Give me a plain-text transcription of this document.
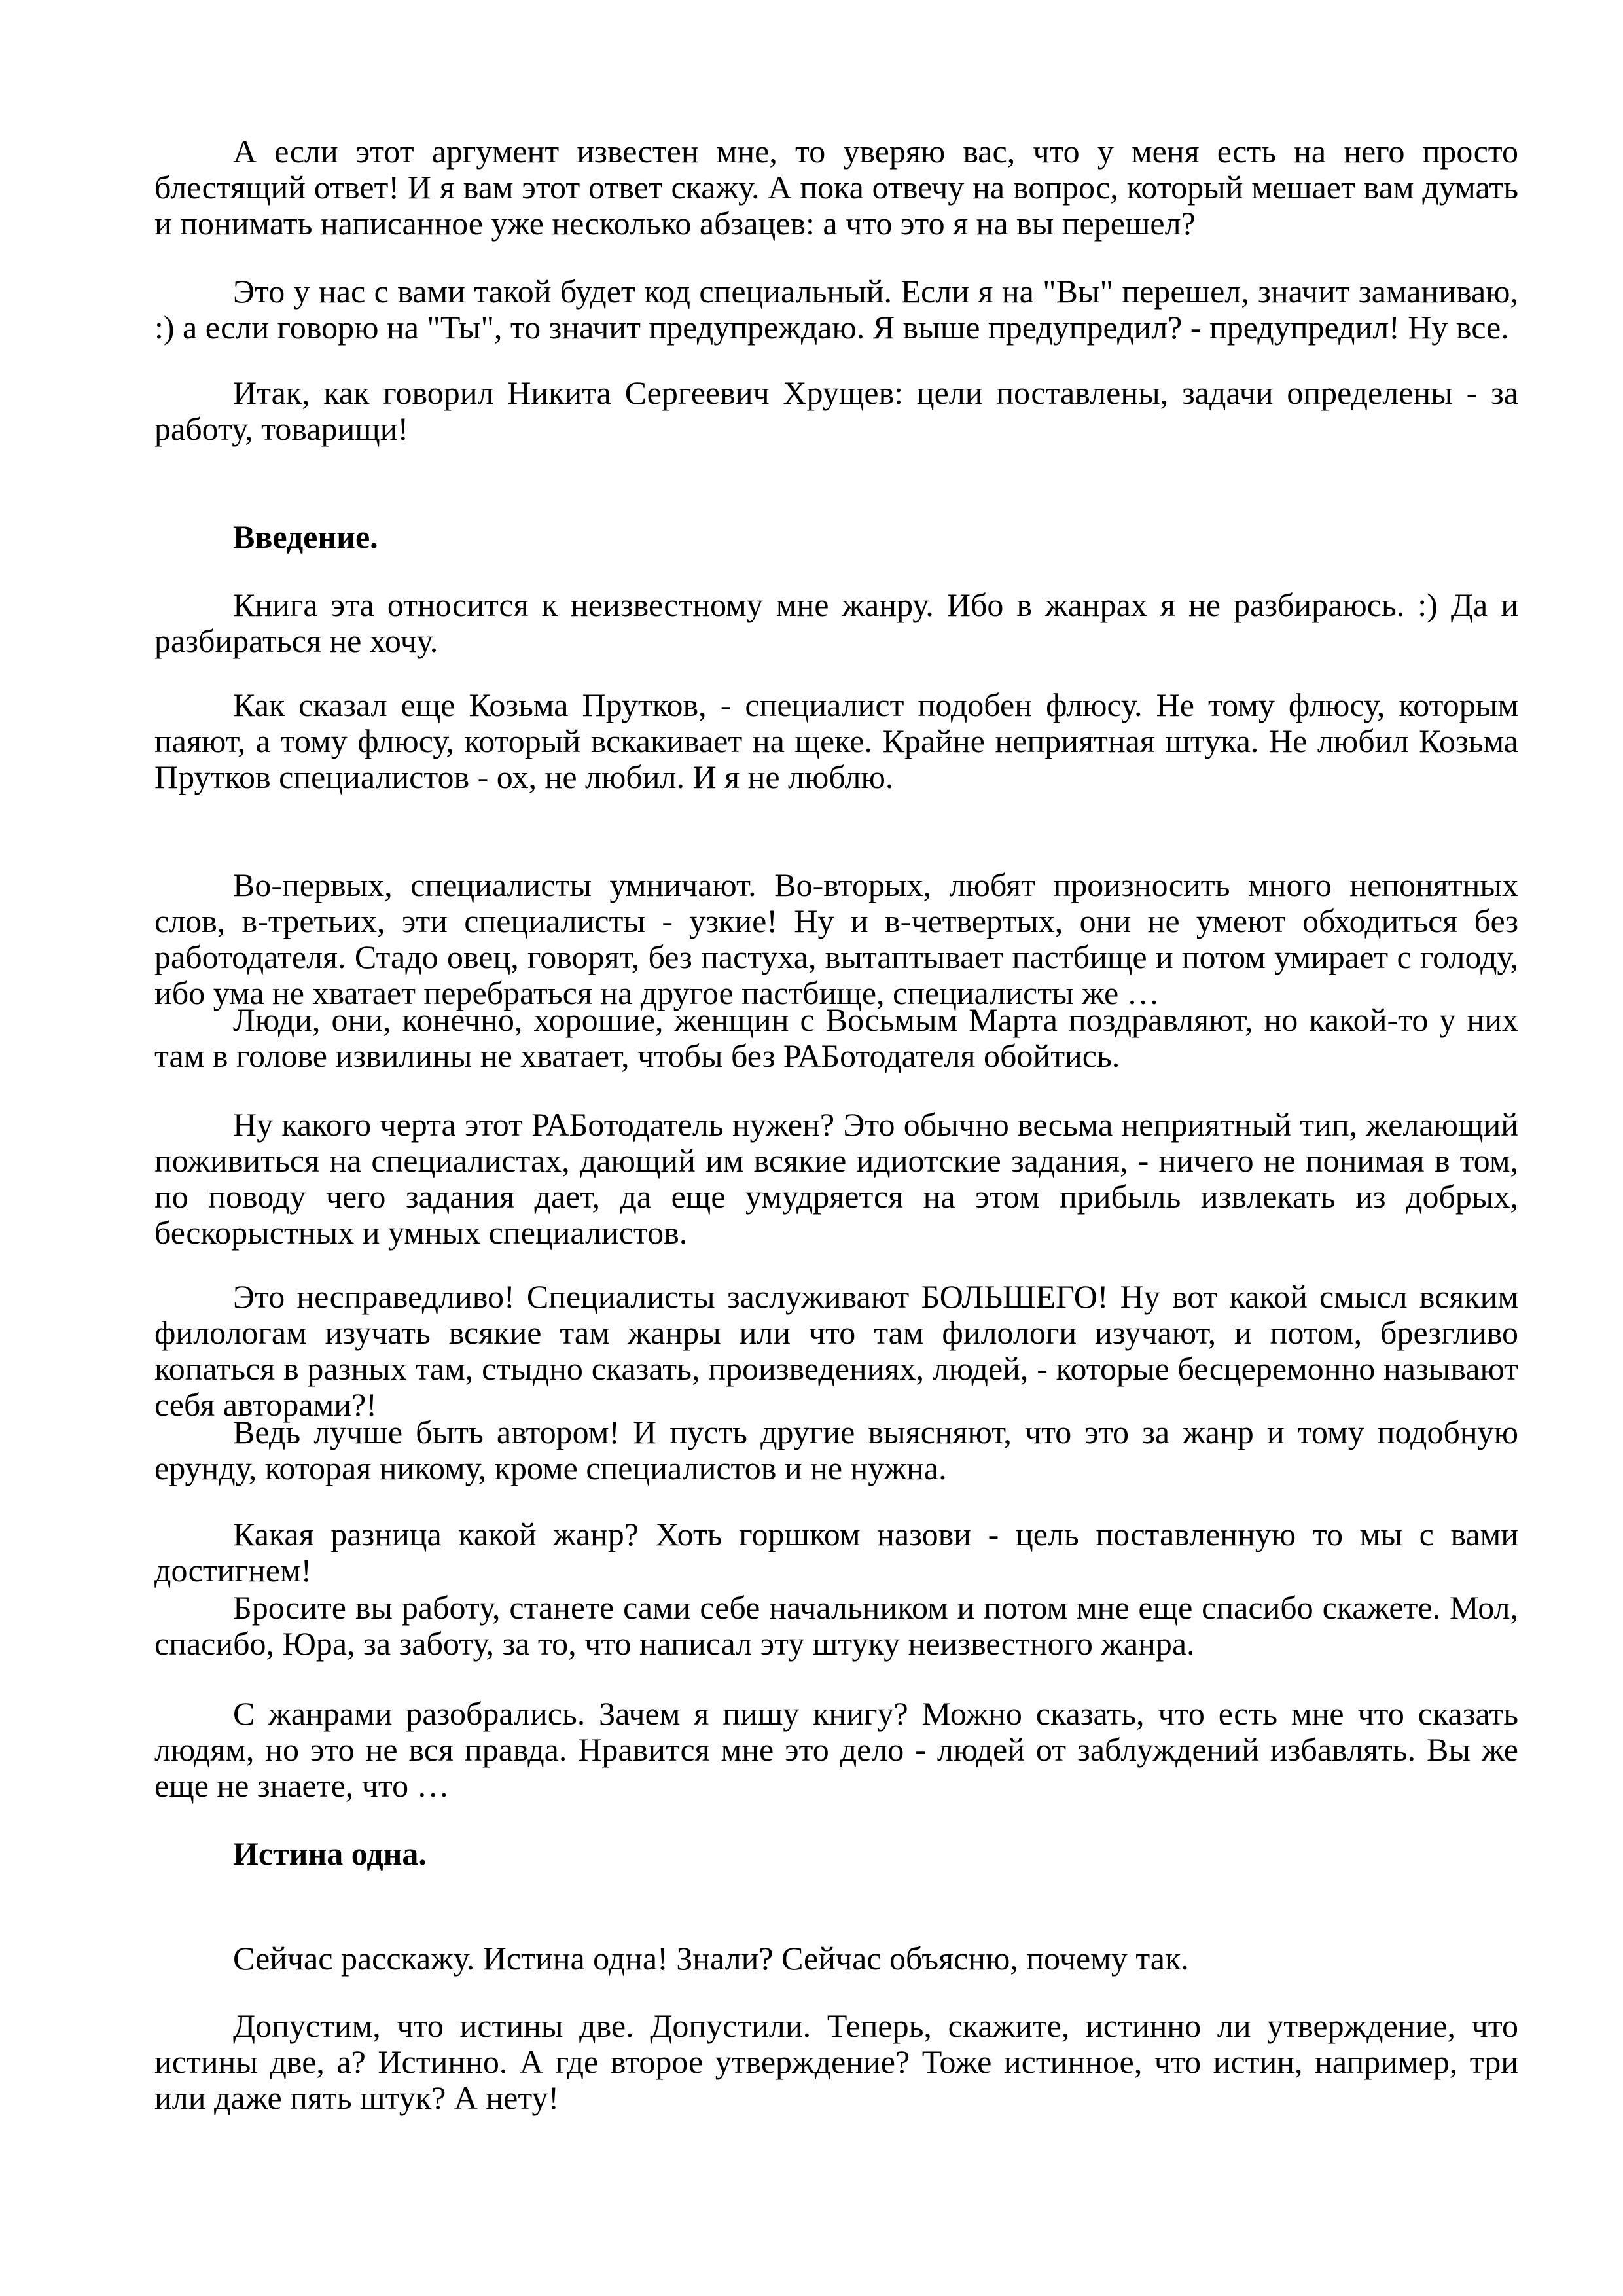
А если этот аргумент известен мне, то уверяю вас, что у меня есть на него просто блестящий ответ! И я вам этот ответ скажу. А пока отвечу на вопрос, который мешает вам думать и понимать написанное уже несколько абзацев: а что это я на вы перешел?

Это у нас с вами такой будет код специальный. Если я на "Вы" перешел, значит заманиваю, :) а если говорю на "Ты", то значит предупреждаю. Я выше предупредил? - предупредил! Ну все.

Итак, как говорил Никита Сергеевич Хрущев: цели поставлены, задачи определены - за работу, товарищи!

Введение.

Книга эта относится к неизвестному мне жанру. Ибо в жанрах я не разбираюсь. :) Да и разбираться не хочу.

Как сказал еще Козьма Прутков, - специалист подобен флюсу. Не тому флюсу, которым паяют, а тому флюсу, который вскакивает на щеке. Крайне неприятная штука. Не любил Козьма Прутков специалистов - ох, не любил. И я не люблю.

Во-первых, специалисты умничают. Во-вторых, любят произносить много непонятных слов, в-третьих, эти специалисты - узкие! Ну и в-четвертых, они не умеют обходиться без работодателя. Стадо овец, говорят, без пастуха, вытаптывает пастбище и потом умирает с голоду, ибо ума не хватает перебраться на другое пастбище, специалисты же …

Люди, они, конечно, хорошие, женщин с Восьмым Марта поздравляют, но какой-то у них там в голове извилины не хватает, чтобы без РАБотодателя обойтись.

Ну какого черта этот РАБотодатель нужен? Это обычно весьма неприятный тип, желающий поживиться на специалистах, дающий им всякие идиотские задания, - ничего не понимая в том, по поводу чего задания дает, да еще умудряется на этом прибыль извлекать из добрых, бескорыстных и умных специалистов.

Это несправедливо! Специалисты заслуживают БОЛЬШЕГО! Ну вот какой смысл всяким филологам изучать всякие там жанры или что там филологи изучают, и потом, брезгливо копаться в разных там, стыдно сказать, произведениях, людей, - которые бесцеремонно называют себя авторами?!

Ведь лучше быть автором! И пусть другие выясняют, что это за жанр и тому подобную ерунду, которая никому, кроме специалистов и не нужна.

Какая разница какой жанр? Хоть горшком назови - цель поставленную то мы с вами достигнем!

Бросите вы работу, станете сами себе начальником и потом мне еще спасибо скажете. Мол, спасибо, Юра, за заботу, за то, что написал эту штуку неизвестного жанра.

С жанрами разобрались. Зачем я пишу книгу? Можно сказать, что есть мне что сказать людям, но это не вся правда. Нравится мне это дело - людей от заблуждений избавлять. Вы же еще не знаете, что …

Истина одна.

Сейчас расскажу. Истина одна! Знали? Сейчас объясню, почему так.

Допустим, что истины две. Допустили. Теперь, скажите, истинно ли утверждение, что истины две, а? Истинно. А где второе утверждение? Тоже истинное, что истин, например, три или даже пять штук? А нету!
